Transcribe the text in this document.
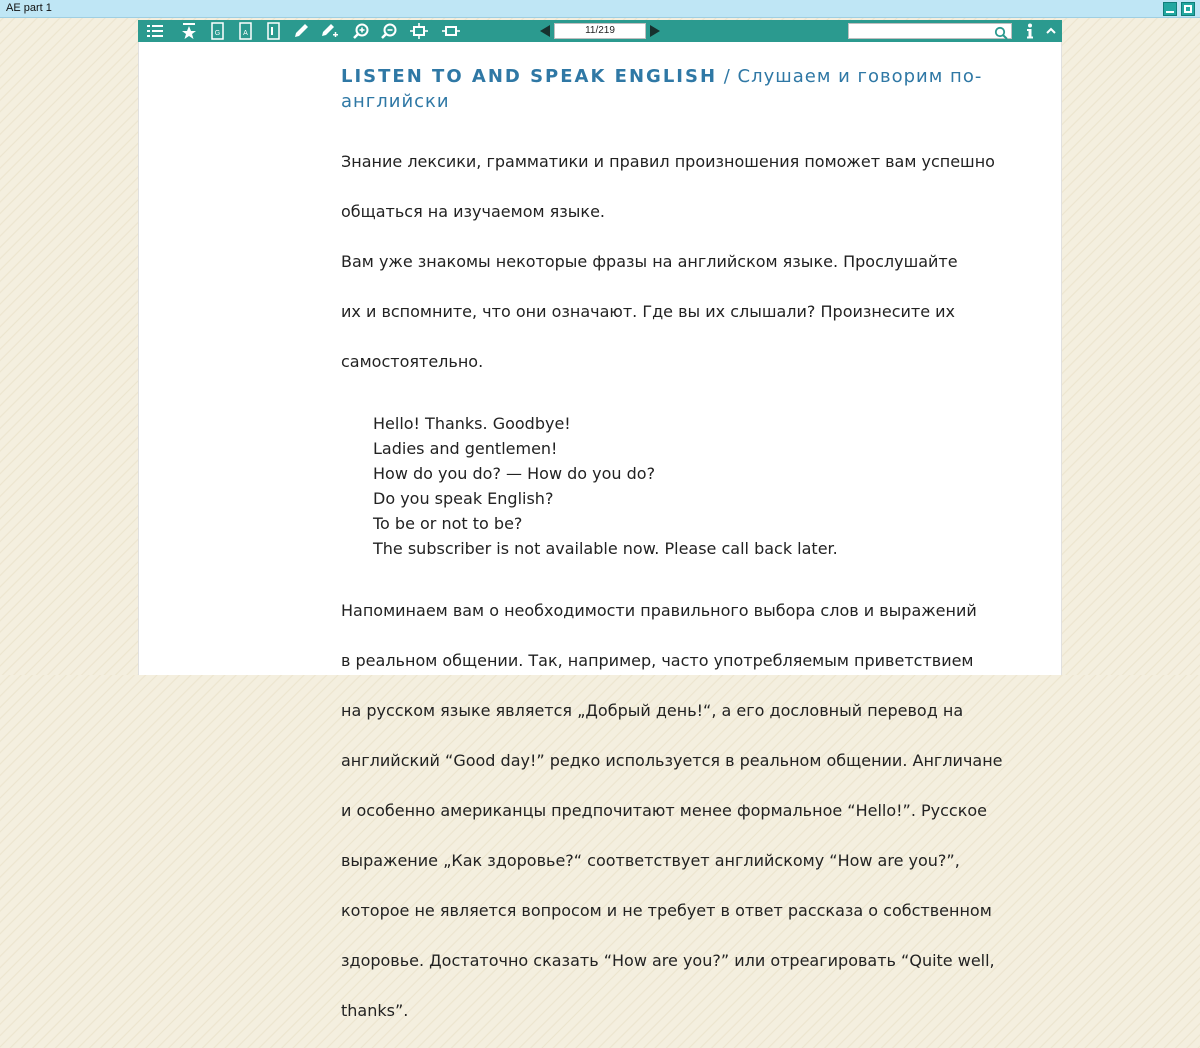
AE part 1
G	A	11/219
LISTEN TO AND SPEAK ENGLISH / Слушаем и говорим по-английски

Знание лексики, грамматики и правил произношения поможет вам успешно

общаться на изучаемом языке.

Вам уже знакомы некоторые фразы на английском языке. Прослушайте

их и вспомните, что они означают. Где вы их слышали? Произнесите их

самостоятельно.

Hello! Thanks. Goodbye!
Ladies and gentlemen!
How do you do? — How do you do?
Do you speak English?
To be or not to be?
The subscriber is not available now. Please call back later.

Напоминаем вам о необходимости правильного выбора слов и выражений

в реальном общении. Так, например, часто употребляемым приветствием

на русском языке является „Добрый день!“, а его дословный перевод на

английский “Good day!” редко используется в реальном общении. Англичане

и особенно американцы предпочитают менее формальное “Hello!”. Русское

выражение „Как здоровье?“ соответствует английскому “How are you?”,

которое не является вопросом и не требует в ответ рассказа о собственном

здоровье. Достаточно сказать “How are you?” или отреагировать “Quite well,

thanks”.
